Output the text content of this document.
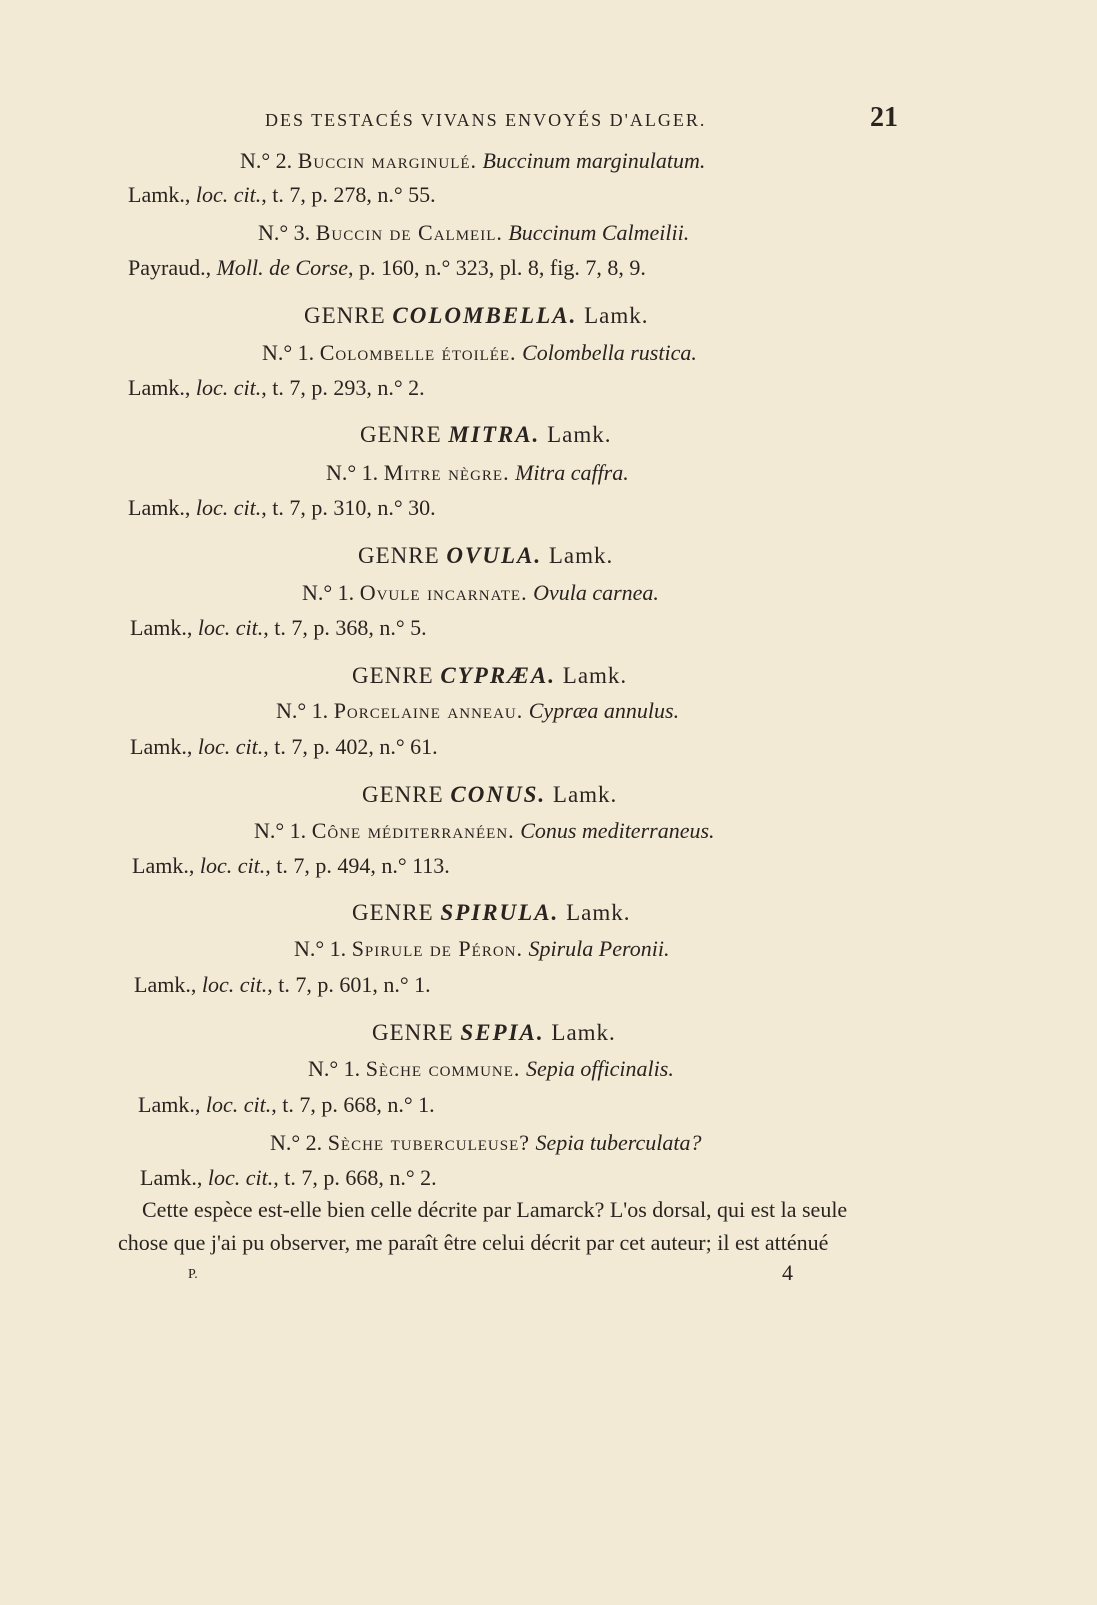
DES TESTACÉS VIVANS ENVOYÉS D'ALGER.	21
N.° 2. Buccin marginulé. Buccinum marginulatum.
Lamk., loc. cit., t. 7, p. 278, n.° 55.
N.° 3. Buccin de Calmeil. Buccinum Calmeilii.
Payraud., Moll. de Corse, p. 160, n.° 323, pl. 8, fig. 7, 8, 9.
GENRE COLOMBELLA. Lamk.
N.° 1. Colombelle étoilée. Colombella rustica.
Lamk., loc. cit., t. 7, p. 293, n.° 2.
GENRE MITRA. Lamk.
N.° 1. Mitre nègre. Mitra caffra.
Lamk., loc. cit., t. 7, p. 310, n.° 30.
GENRE OVULA. Lamk.
N.° 1. Ovule incarnate. Ovula carnea.
Lamk., loc. cit., t. 7, p. 368, n.° 5.
GENRE CYPRÆA. Lamk.
N.° 1. Porcelaine anneau. Cypræa annulus.
Lamk., loc. cit., t. 7, p. 402, n.° 61.
GENRE CONUS. Lamk.
N.° 1. Cône méditerranéen. Conus mediterraneus.
Lamk., loc. cit., t. 7, p. 494, n.° 113.
GENRE SPIRULA. Lamk.
N.° 1. Spirule de Péron. Spirula Peronii.
Lamk., loc. cit., t. 7, p. 601, n.° 1.
GENRE SEPIA. Lamk.
N.° 1. Sèche commune. Sepia officinalis.
Lamk., loc. cit., t. 7, p. 668, n.° 1.
N.° 2. Sèche tuberculeuse? Sepia tuberculata?
Lamk., loc. cit., t. 7, p. 668, n.° 2.
Cette espèce est-elle bien celle décrite par Lamarck? L'os dorsal, qui est la seule
chose que j'ai pu observer, me paraît être celui décrit par cet auteur; il est atténué
P.	4
